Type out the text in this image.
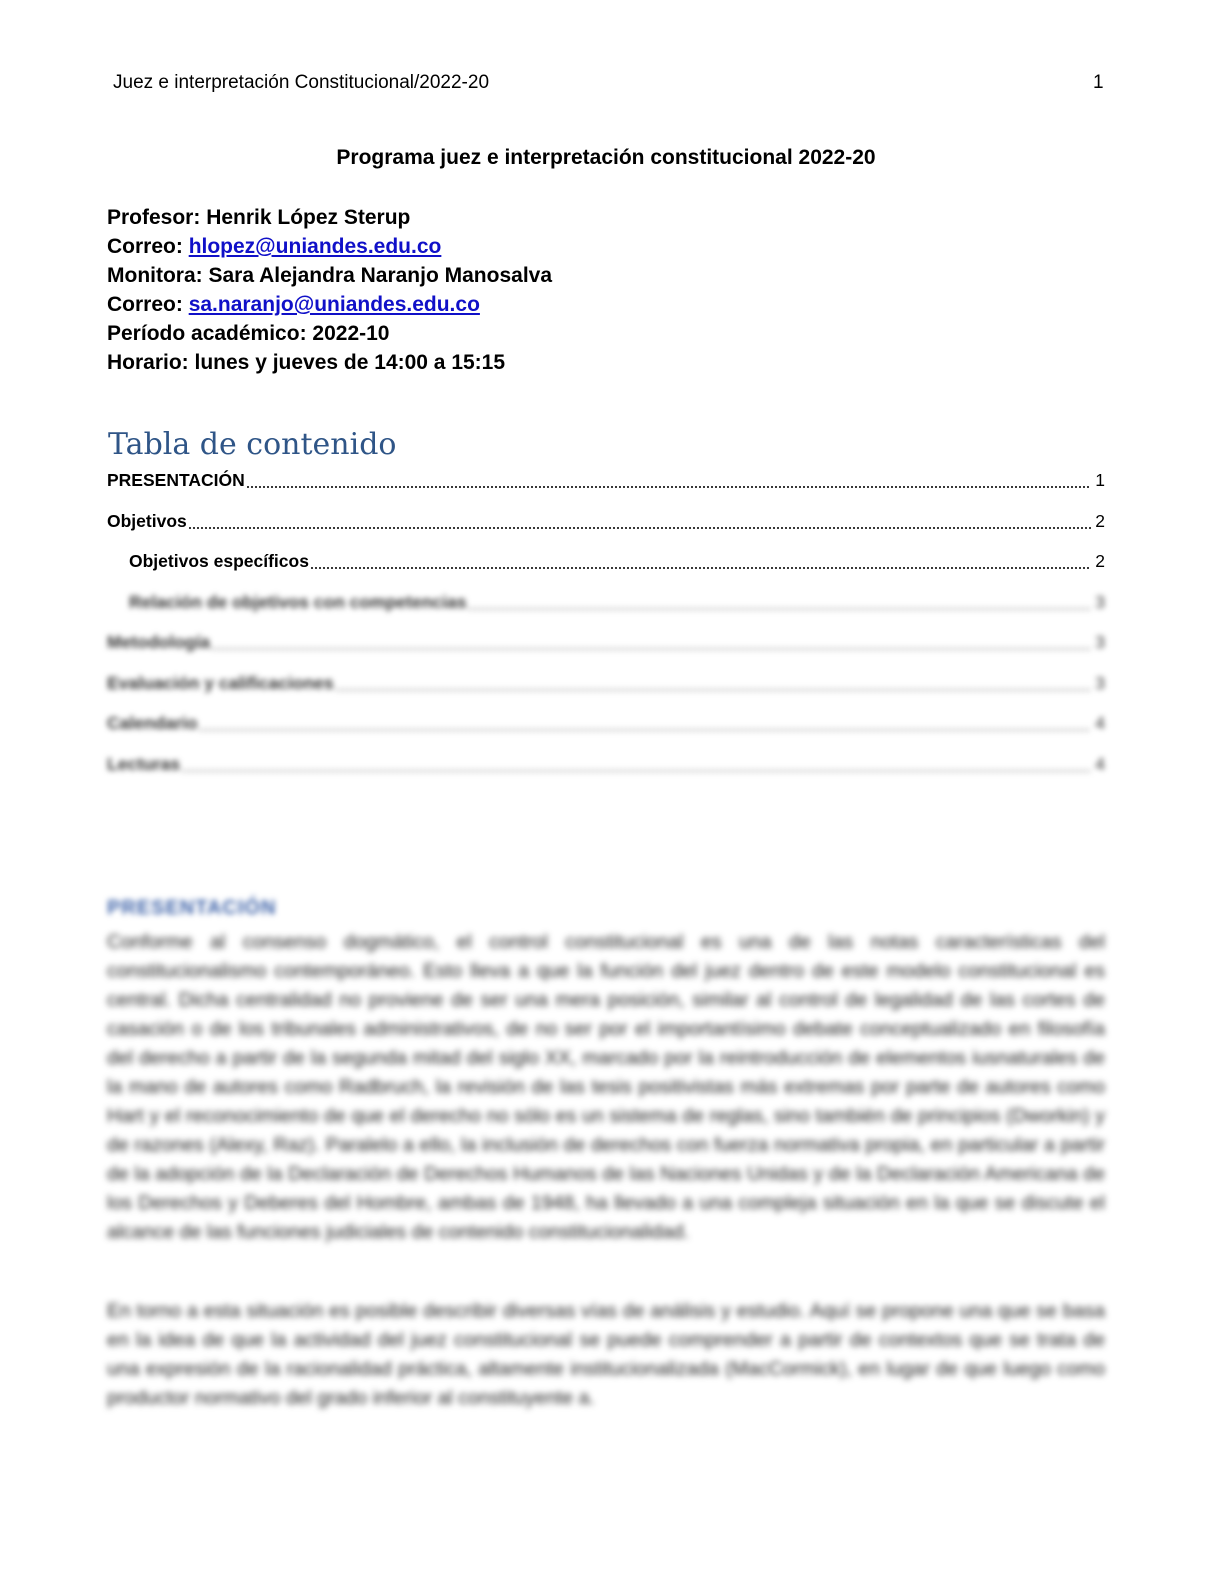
Juez e interpretación Constitucional/2022-20	1
Programa juez e interpretación constitucional 2022-20
Profesor: Henrik López Sterup
Correo: hlopez@uniandes.edu.co
Monitora: Sara Alejandra Naranjo Manosalva
Correo: sa.naranjo@uniandes.edu.co
Período académico: 2022-10
Horario: lunes y jueves de 14:00 a 15:15
Tabla de contenido
PRESENTACIÓN	1
Objetivos	2
Objetivos específicos	2
Relación de objetivos con competencias	3
Metodología	3
Evaluación y calificaciones	3
Calendario	4
Lecturas	4
PRESENTACIÓN
Conforme al consenso dogmático, el control constitucional es una de las notas características del constitucionalismo contemporáneo. Esto lleva a que la función del juez dentro de este modelo constitucional es central. Dicha centralidad no proviene de ser una mera posición, similar al control de legalidad de las cortes de casación o de los tribunales administrativos, de no ser por el importantísimo debate conceptualizado en filosofía del derecho a partir de la segunda mitad del siglo XX, marcado por la reintroducción de elementos iusnaturales de la mano de autores como Radbruch, la revisión de las tesis positivistas más extremas por parte de autores como Hart y el reconocimiento de que el derecho no sólo es un sistema de reglas, sino también de principios (Dworkin) y de razones (Alexy, Raz). Paralelo a ello, la inclusión de derechos con fuerza normativa propia, en particular a partir de la adopción de la Declaración de Derechos Humanos de las Naciones Unidas y de la Declaración Americana de los Derechos y Deberes del Hombre, ambas de 1948, ha llevado a una compleja situación en la que se discute el alcance de las funciones judiciales de contenido constitucionalidad.
En torno a esta situación es posible describir diversas vías de análisis y estudio. Aquí se propone una que se basa en la idea de que la actividad del juez constitucional se puede comprender a partir de contextos que se trata de una expresión de la racionalidad práctica, altamente institucionalizada (MacCormick), en lugar de que luego como productor normativo del grado inferior al constituyente a.
